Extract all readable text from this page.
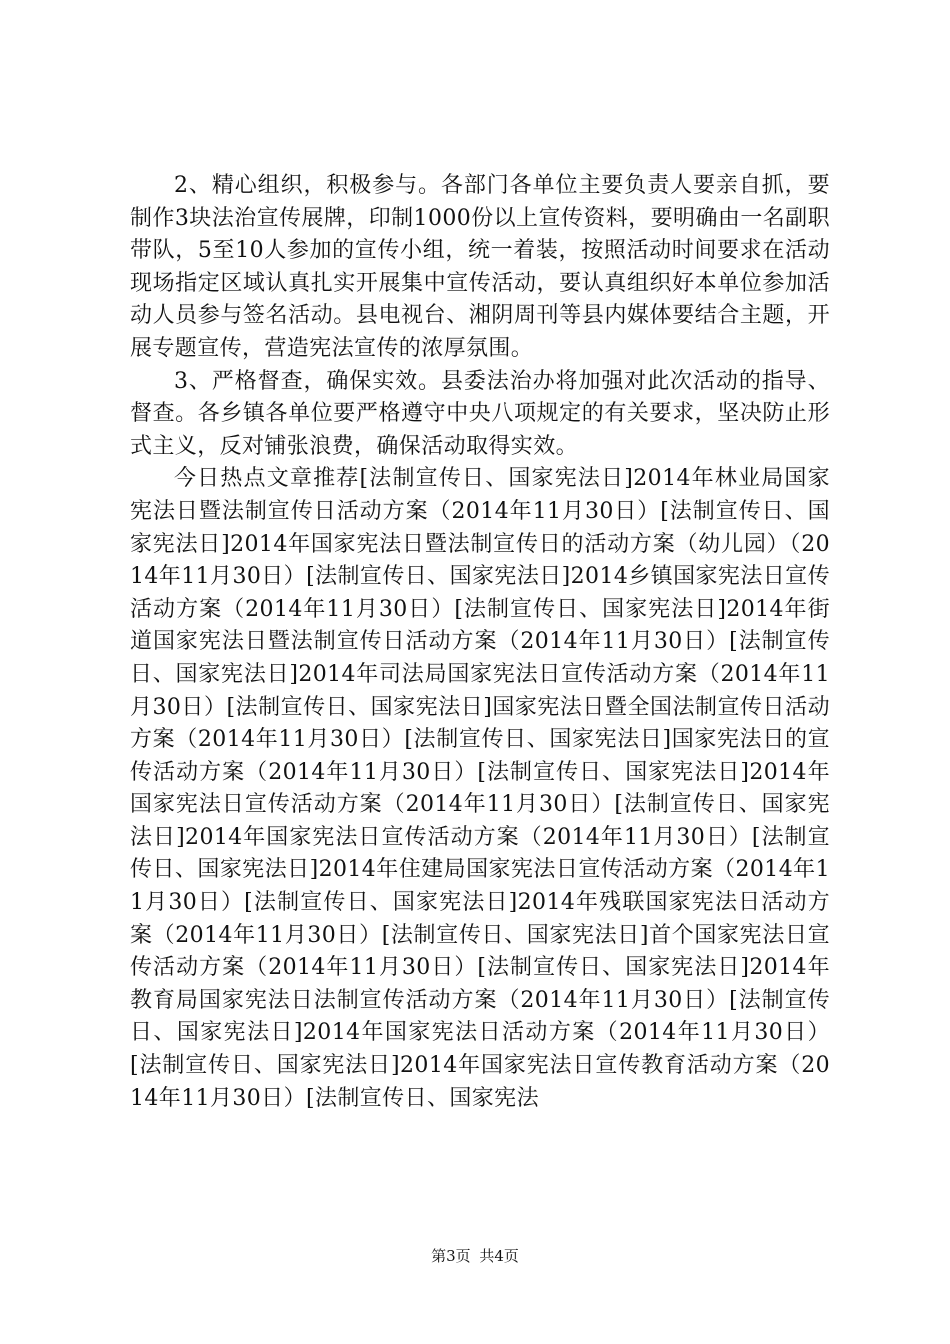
2、精心组织，积极参与。各部门各单位主要负责人要亲自抓，要制作3块法治宣传展牌，印制1000份以上宣传资料，要明确由一名副职带队，5至10人参加的宣传小组，统一着装，按照活动时间要求在活动现场指定区域认真扎实开展集中宣传活动，要认真组织好本单位参加活动人员参与签名活动。县电视台、湘阴周刊等县内媒体要结合主题，开展专题宣传，营造宪法宣传的浓厚氛围。

3、严格督查，确保实效。县委法治办将加强对此次活动的指导、督查。各乡镇各单位要严格遵守中央八项规定的有关要求，坚决防止形式主义，反对铺张浪费，确保活动取得实效。

今日热点文章推荐[法制宣传日、国家宪法日]2014年林业局国家宪法日暨法制宣传日活动方案（2014年11月30日）[法制宣传日、国家宪法日]2014年国家宪法日暨法制宣传日的活动方案（幼儿园）（2014年11月30日）[法制宣传日、国家宪法日]2014乡镇国家宪法日宣传活动方案（2014年11月30日）[法制宣传日、国家宪法日]2014年街道国家宪法日暨法制宣传日活动方案（2014年11月30日）[法制宣传日、国家宪法日]2014年司法局国家宪法日宣传活动方案（2014年11月30日）[法制宣传日、国家宪法日]国家宪法日暨全国法制宣传日活动方案（2014年11月30日）[法制宣传日、国家宪法日]国家宪法日的宣传活动方案（2014年11月30日）[法制宣传日、国家宪法日]2014年国家宪法日宣传活动方案（2014年11月30日）[法制宣传日、国家宪法日]2014年国家宪法日宣传活动方案（2014年11月30日）[法制宣传日、国家宪法日]2014年住建局国家宪法日宣传活动方案（2014年11月30日）[法制宣传日、国家宪法日]2014年残联国家宪法日活动方案（2014年11月30日）[法制宣传日、国家宪法日]首个国家宪法日宣传活动方案（2014年11月30日）[法制宣传日、国家宪法日]2014年教育局国家宪法日法制宣传活动方案（2014年11月30日）[法制宣传日、国家宪法日]2014年国家宪法日活动方案（2014年11月30日）[法制宣传日、国家宪法日]2014年国家宪法日宣传教育活动方案（2014年11月30日）[法制宣传日、国家宪法

第3页 共4页
